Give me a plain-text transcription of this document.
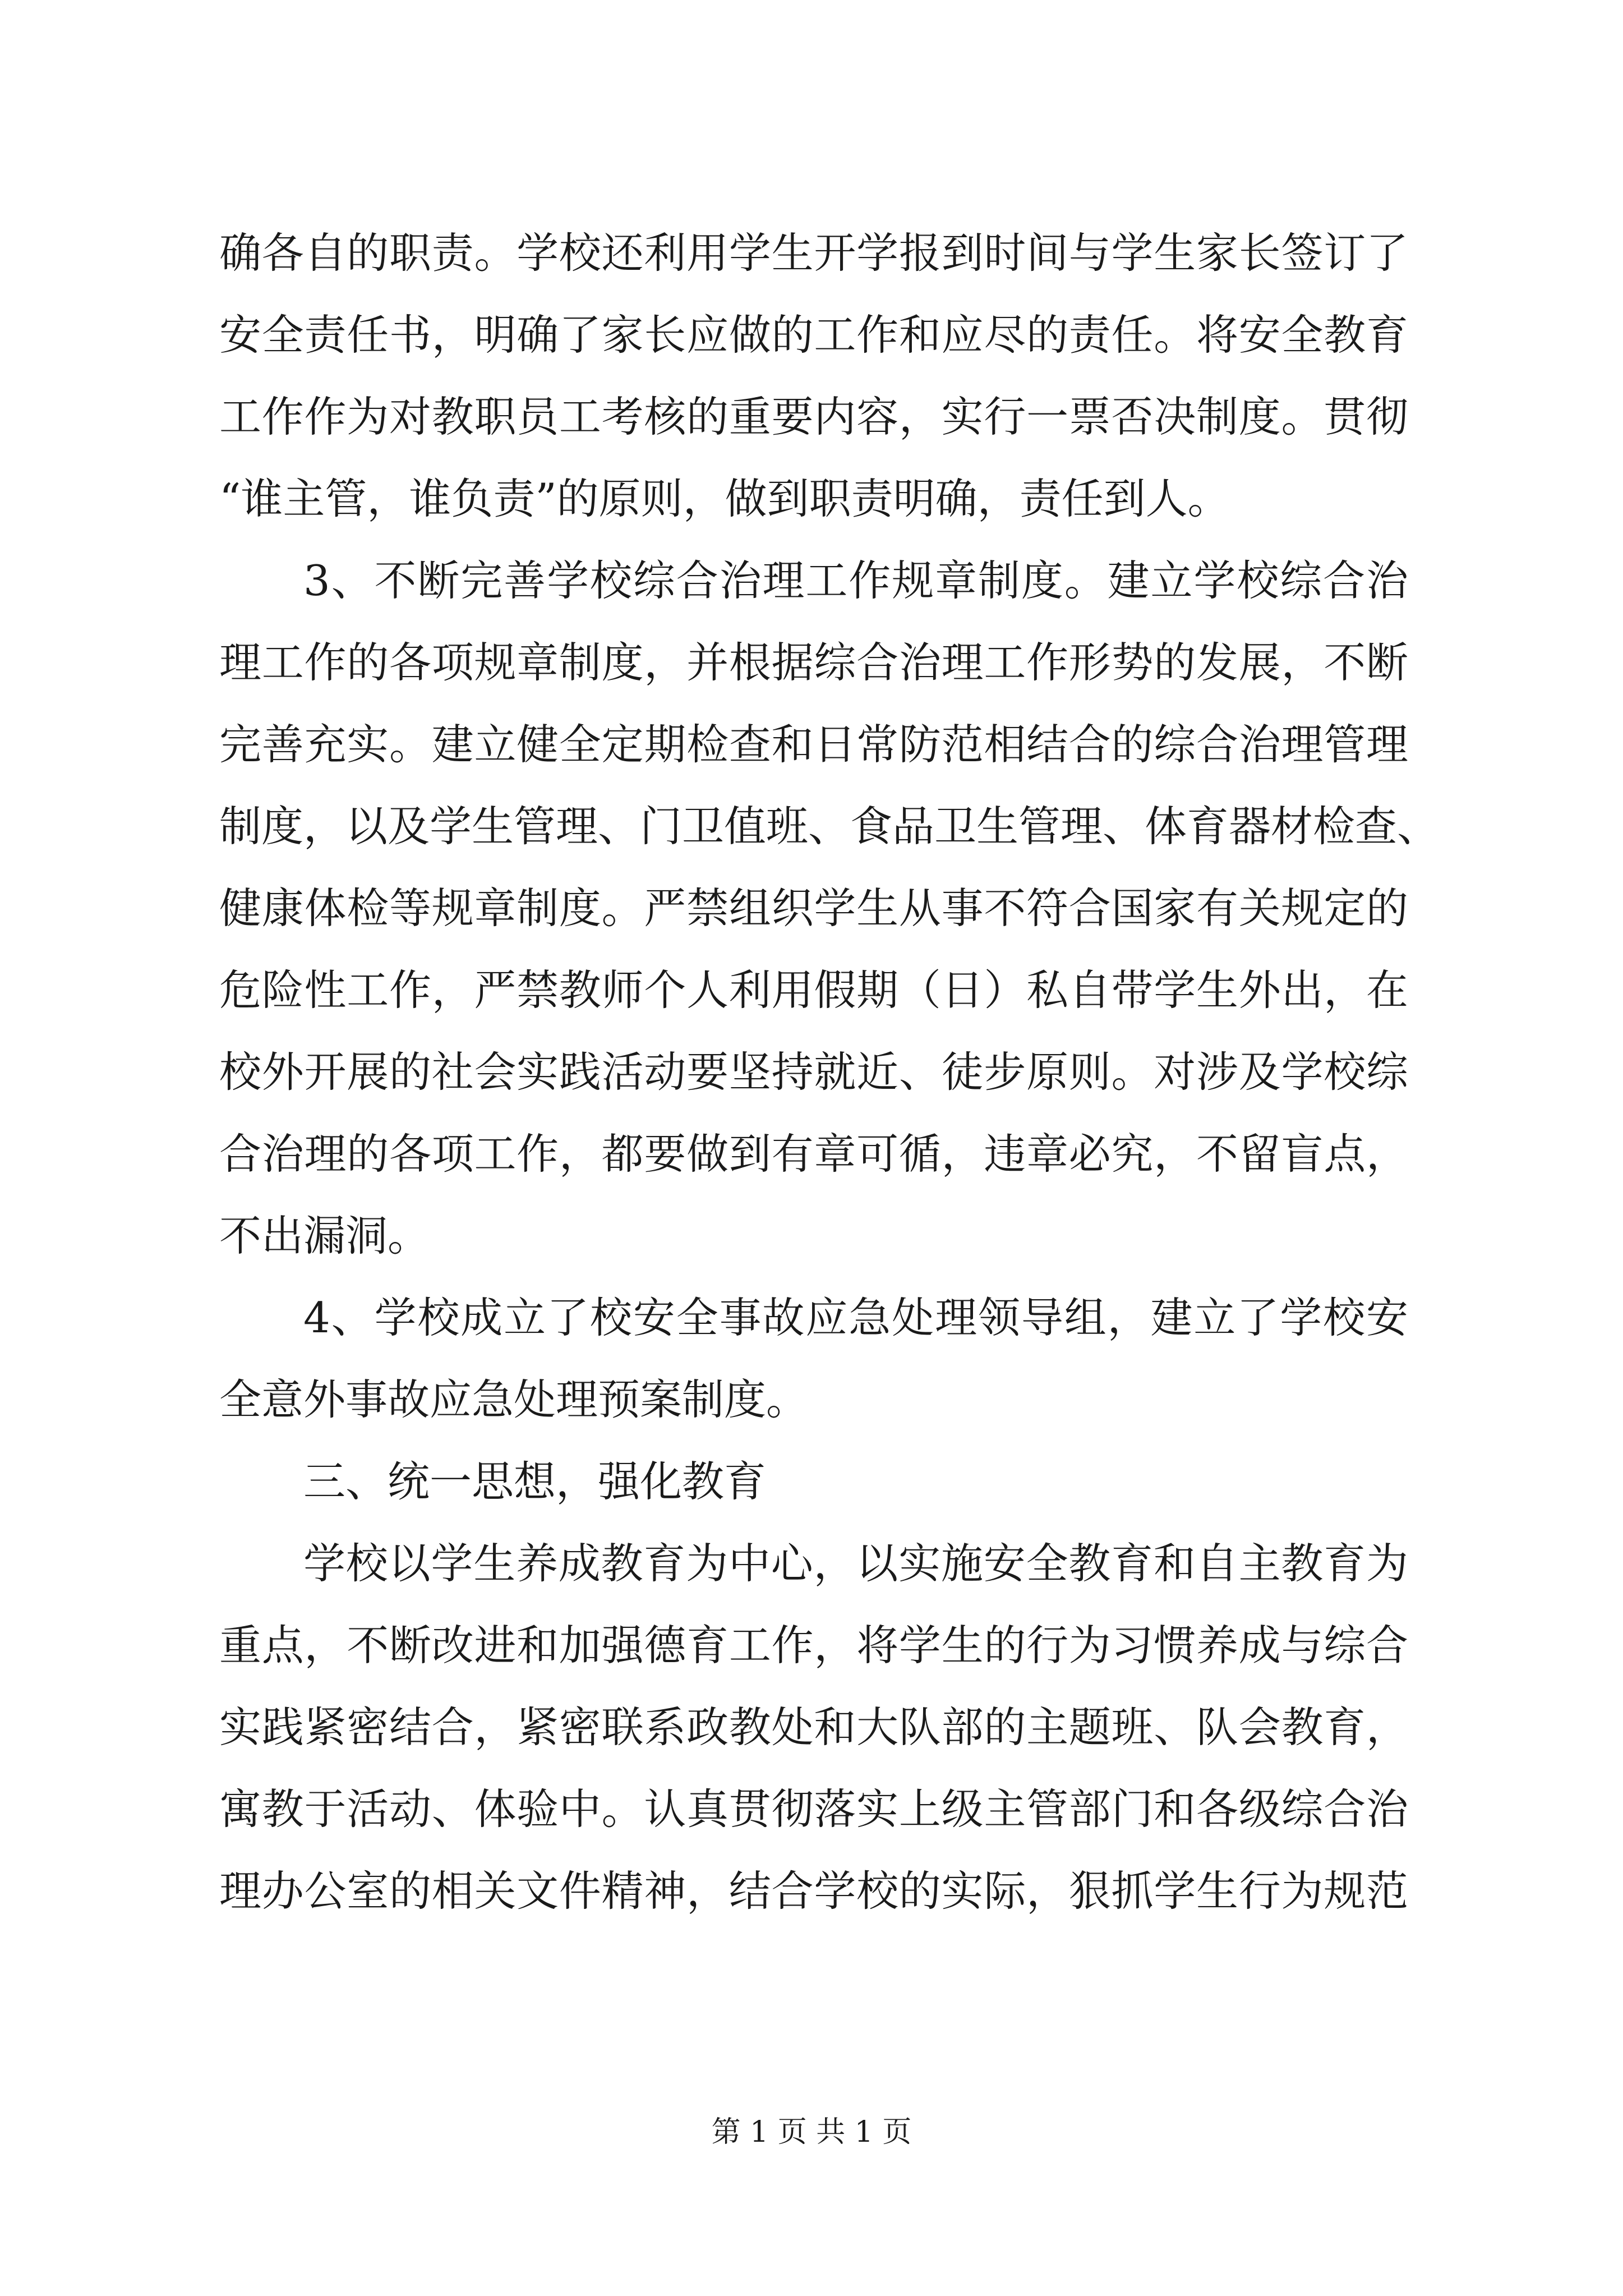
确各自的职责。学校还利用学生开学报到时间与学生家长签订了
安全责任书，明确了家长应做的工作和应尽的责任。将安全教育
工作作为对教职员工考核的重要内容，实行一票否决制度。贯彻
“谁主管，谁负责”的原则，做到职责明确，责任到人。
3、不断完善学校综合治理工作规章制度。建立学校综合治
理工作的各项规章制度，并根据综合治理工作形势的发展，不断
完善充实。建立健全定期检查和日常防范相结合的综合治理管理
制度，以及学生管理、门卫值班、食品卫生管理、体育器材检查、
健康体检等规章制度。严禁组织学生从事不符合国家有关规定的
危险性工作，严禁教师个人利用假期（日）私自带学生外出，在
校外开展的社会实践活动要坚持就近、徒步原则。对涉及学校综
合治理的各项工作，都要做到有章可循，违章必究，不留盲点，
不出漏洞。
4、学校成立了校安全事故应急处理领导组，建立了学校安
全意外事故应急处理预案制度。
三、统一思想，强化教育
学校以学生养成教育为中心，以实施安全教育和自主教育为
重点，不断改进和加强德育工作，将学生的行为习惯养成与综合
实践紧密结合，紧密联系政教处和大队部的主题班、队会教育，
寓教于活动、体验中。认真贯彻落实上级主管部门和各级综合治
理办公室的相关文件精神，结合学校的实际，狠抓学生行为规范
第 1 页 共 1 页
